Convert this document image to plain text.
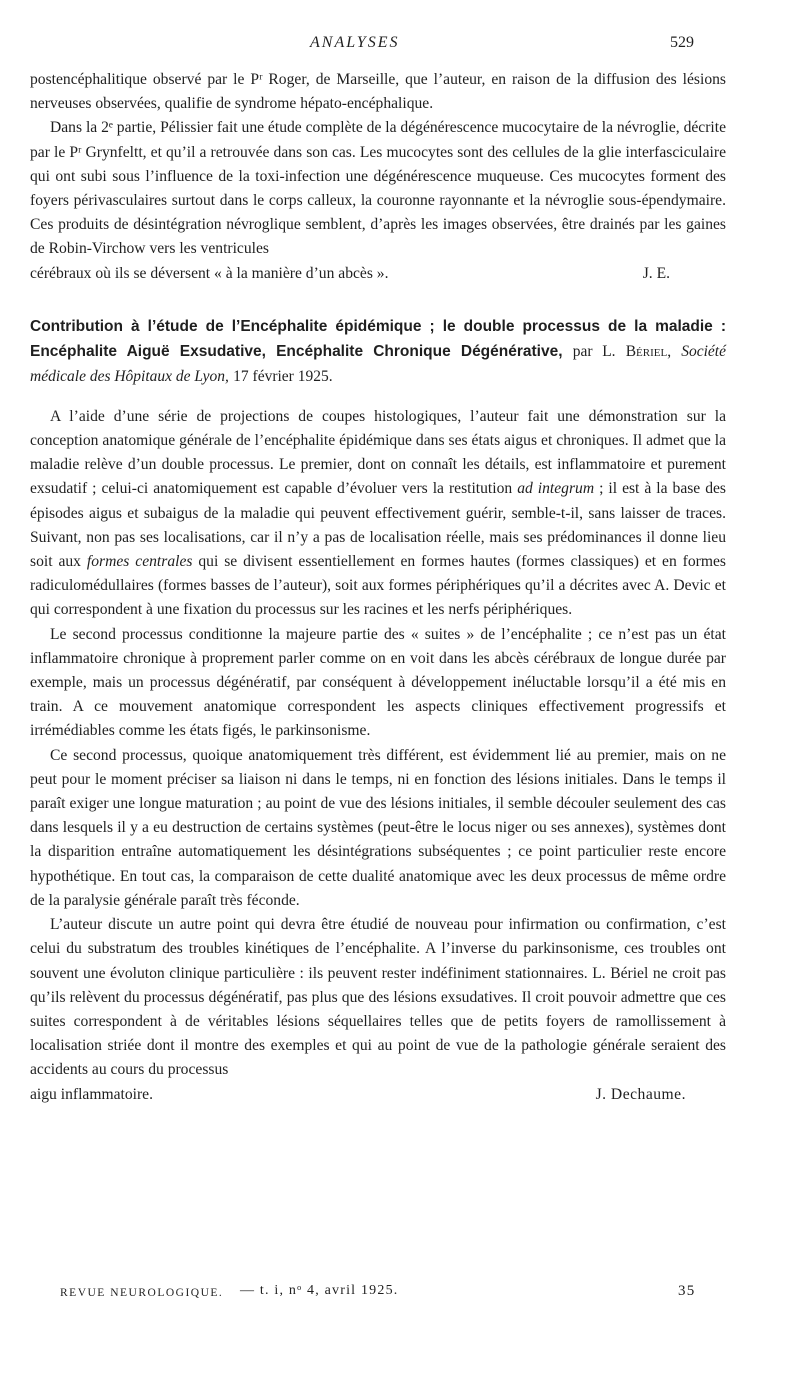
ANALYSES	529

postencéphalitique observé par le Pʳ Roger, de Marseille, que l’auteur, en raison de la diffusion des lésions nerveuses observées, qualifie de syndrome hépato-encéphalique.

Dans la 2ᵉ partie, Pélissier fait une étude complète de la dégénérescence mucocytaire de la névroglie, décrite par le Pʳ Grynfeltt, et qu’il a retrouvée dans son cas. Les mucocytes sont des cellules de la glie interfasciculaire qui ont subi sous l’influence de la toxi-infection une dégénérescence muqueuse. Ces mucocytes forment des foyers périvasculaires surtout dans le corps calleux, la couronne rayonnante et la névroglie sous-épendymaire. Ces produits de désintégration névroglique semblent, d’après les images observées, être drainés par les gaines de Robin-Virchow vers les ventricules

cérébraux où ils se déversent « à la manière d’un abcès ».	J. E.
Contribution à l’étude de l’Encéphalite épidémique ; le double processus de la maladie : Encéphalite Aiguë Exsudative, Encéphalite Chronique Dégénérative, par L. Bériel, Société médicale des Hôpitaux de Lyon, 17 février 1925.

A l’aide d’une série de projections de coupes histologiques, l’auteur fait une démonstration sur la conception anatomique générale de l’encéphalite épidémique dans ses états aigus et chroniques. Il admet que la maladie relève d’un double processus. Le premier, dont on connaît les détails, est inflammatoire et purement exsudatif ; celui-ci anatomiquement est capable d’évoluer vers la restitution ad integrum ; il est à la base des épisodes aigus et subaigus de la maladie qui peuvent effectivement guérir, semble-t-il, sans laisser de traces. Suivant, non pas ses localisations, car il n’y a pas de localisation réelle, mais ses prédominances il donne lieu soit aux formes centrales qui se divisent essentiellement en formes hautes (formes classiques) et en formes radiculomédullaires (formes basses de l’auteur), soit aux formes périphériques qu’il a décrites avec A. Devic et qui correspondent à une fixation du processus sur les racines et les nerfs périphériques.

Le second processus conditionne la majeure partie des « suites » de l’encéphalite ; ce n’est pas un état inflammatoire chronique à proprement parler comme on en voit dans les abcès cérébraux de longue durée par exemple, mais un processus dégénératif, par conséquent à développement inéluctable lorsqu’il a été mis en train. A ce mouvement anatomique correspondent les aspects cliniques effectivement progressifs et irrémédiables comme les états figés, le parkinsonisme.

Ce second processus, quoique anatomiquement très différent, est évidemment lié au premier, mais on ne peut pour le moment préciser sa liaison ni dans le temps, ni en fonction des lésions initiales. Dans le temps il paraît exiger une longue maturation ; au point de vue des lésions initiales, il semble découler seulement des cas dans lesquels il y a eu destruction de certains systèmes (peut-être le locus niger ou ses annexes), systèmes dont la disparition entraîne automatiquement les désintégrations subséquentes ; ce point particulier reste encore hypothétique. En tout cas, la comparaison de cette dualité anatomique avec les deux processus de même ordre de la paralysie générale paraît très féconde.

L’auteur discute un autre point qui devra être étudié de nouveau pour infirmation ou confirmation, c’est celui du substratum des troubles kinétiques de l’encéphalite. A l’inverse du parkinsonisme, ces troubles ont souvent une évoluton clinique particulière : ils peuvent rester indéfiniment stationnaires. L. Bériel ne croit pas qu’ils relèvent du processus dégénératif, pas plus que des lésions exsudatives. Il croit pouvoir admettre que ces suites correspondent à de véritables lésions séquellaires telles que de petits foyers de ramollissement à localisation striée dont il montre des exemples et qui au point de vue de la pathologie générale seraient des accidents au cours du processus

aigu inflammatoire.	J. Dechaume.
REVUE NEUROLOGIQUE. — t. i, nᵒ 4, avril 1925.	35
